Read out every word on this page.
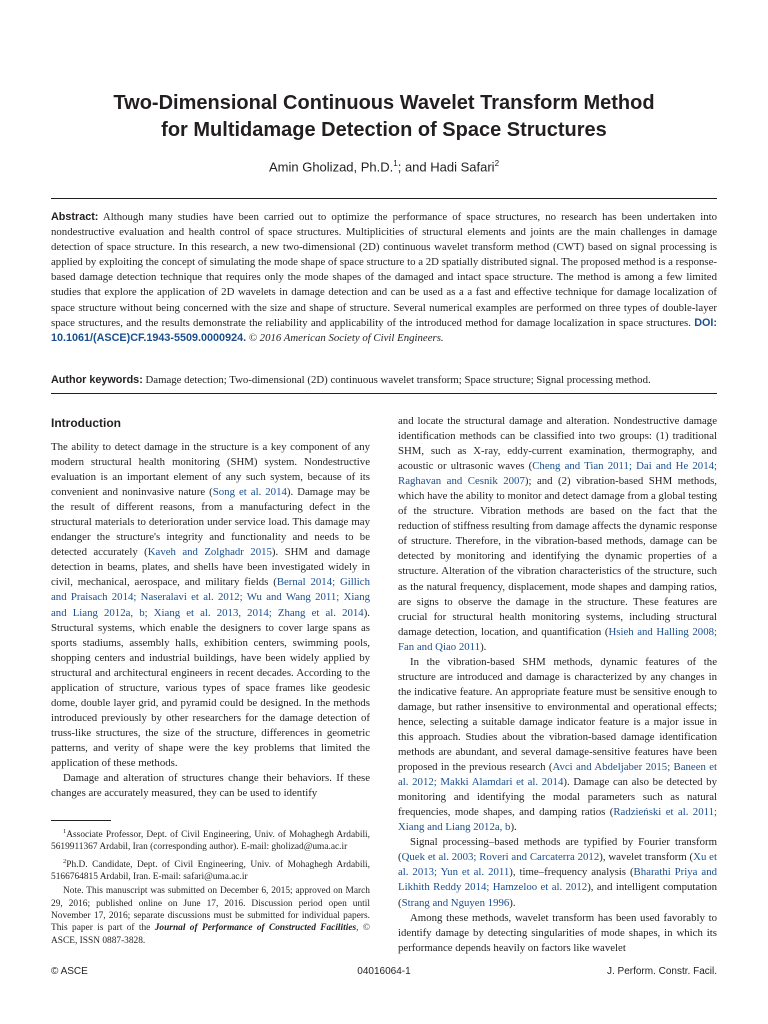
Two-Dimensional Continuous Wavelet Transform Method
for Multidamage Detection of Space Structures
Amin Gholizad, Ph.D.$^1$; and Hadi Safari$^2$

Abstract: Although many studies have been carried out to optimize the performance of space structures, no research has been undertaken into nondestructive evaluation and health control of space structures. Multiplicities of structural elements and joints are the main challenges in damage detection of space structure. In this research, a new two-dimensional (2D) continuous wavelet transform method (CWT) based on signal processing is applied by exploiting the concept of simulating the mode shape of space structure to a 2D spatially distributed signal. The proposed method is a response-based damage detection technique that requires only the mode shapes of the damaged and intact space structure. The method is among a few limited studies that explore the application of 2D wavelets in damage detection and can be used as a a fast and effective technique for damage localization of space structure without being concerned with the size and shape of structure. Several numerical examples are performed on three types of double-layer space structures, and the results demonstrate the reliability and applicability of the introduced method for damage localization in space structures. DOI: 10.1061/(ASCE)CF.1943-5509.0000924. © 2016 American Society of Civil Engineers.

Author keywords: Damage detection; Two-dimensional (2D) continuous wavelet transform; Space structure; Signal processing method.

Introduction

The ability to detect damage in the structure is a key component of any modern structural health monitoring (SHM) system. Nondestructive evaluation is an important element of any such system, because of its convenient and noninvasive nature (Song et al. 2014). Damage may be the result of different reasons, from a manufacturing defect in the structural materials to deterioration under service load. This damage may endanger the structure's integrity and functionality and needs to be detected accurately (Kaveh and Zolghadr 2015). SHM and damage detection in beams, plates, and shells have been investigated widely in civil, mechanical, aerospace, and military fields (Bernal 2014; Gillich and Praisach 2014; Naseralavi et al. 2012; Wu and Wang 2011; Xiang and Liang 2012a, b; Xiang et al. 2013, 2014; Zhang et al. 2014). Structural systems, which enable the designers to cover large spans as sports stadiums, assembly halls, exhibition centers, swimming pools, shopping centers and industrial buildings, have been widely applied by structural and architectural engineers in recent decades. According to the application of structure, various types of space frames like geodesic dome, double layer grid, and pyramid could be designed. In the methods introduced previously by other researchers for the damage detection of truss-like structures, the size of the structure, differences in geometric patterns, and verity of shape were the key problems that limited the application of these methods.

Damage and alteration of structures change their behaviors. If these changes are accurately measured, they can be used to identify

$^1$Associate Professor, Dept. of Civil Engineering, Univ. of Mohaghegh Ardabili, 5619911367 Ardabil, Iran (corresponding author). E-mail: gholizad@uma.ac.ir

$^2$Ph.D. Candidate, Dept. of Civil Engineering, Univ. of Mohaghegh Ardabili, 5166764815 Ardabil, Iran. E-mail: safari@uma.ac.ir

Note. This manuscript was submitted on December 6, 2015; approved on March 29, 2016; published online on June 17, 2016. Discussion period open until November 17, 2016; separate discussions must be submitted for individual papers. This paper is part of the Journal of Performance of Constructed Facilities, © ASCE, ISSN 0887-3828.

and locate the structural damage and alteration. Nondestructive damage identification methods can be classified into two groups: (1) traditional SHM, such as X-ray, eddy-current examination, thermography, and acoustic or ultrasonic waves (Cheng and Tian 2011; Dai and He 2014; Raghavan and Cesnik 2007); and (2) vibration-based SHM methods, which have the ability to monitor and detect damage from a global testing of the structure. Vibration methods are based on the fact that the reduction of stiffness resulting from damage affects the dynamic response of structure. Therefore, in the vibration-based methods, damage can be detected by monitoring and identifying the dynamic properties of a structure. Alteration of the vibration characteristics of the structure, such as the natural frequency, displacement, mode shapes and damping ratios, are signs to observe the damage in the structure. These features are crucial for structural health monitoring systems, including structural damage detection, location, and quantification (Hsieh and Halling 2008; Fan and Qiao 2011).

In the vibration-based SHM methods, dynamic features of the structure are introduced and damage is characterized by any changes in the indicative feature. An appropriate feature must be sensitive enough to damage, but rather insensitive to environmental and operational effects; hence, selecting a suitable damage indicator feature is a major issue in this approach. Studies about the vibration-based damage identification methods are abundant, and several damage-sensitive features have been proposed in the previous research (Avci and Abdeljaber 2015; Baneen et al. 2012; Makki Alamdari et al. 2014). Damage can also be detected by monitoring and identifying the modal parameters such as natural frequencies, mode shapes, and damping ratios (Radzieński et al. 2011; Xiang and Liang 2012a, b).

Signal processing–based methods are typified by Fourier transform (Quek et al. 2003; Roveri and Carcaterra 2012), wavelet transform (Xu et al. 2013; Yun et al. 2011), time–frequency analysis (Bharathi Priya and Likhith Reddy 2014; Hamzeloo et al. 2012), and intelligent computation (Strang and Nguyen 1996).

Among these methods, wavelet transform has been used favorably to identify damage by detecting singularities of mode shapes, in which its performance depends heavily on factors like wavelet

© ASCE	04016064-1	J. Perform. Constr. Facil.
